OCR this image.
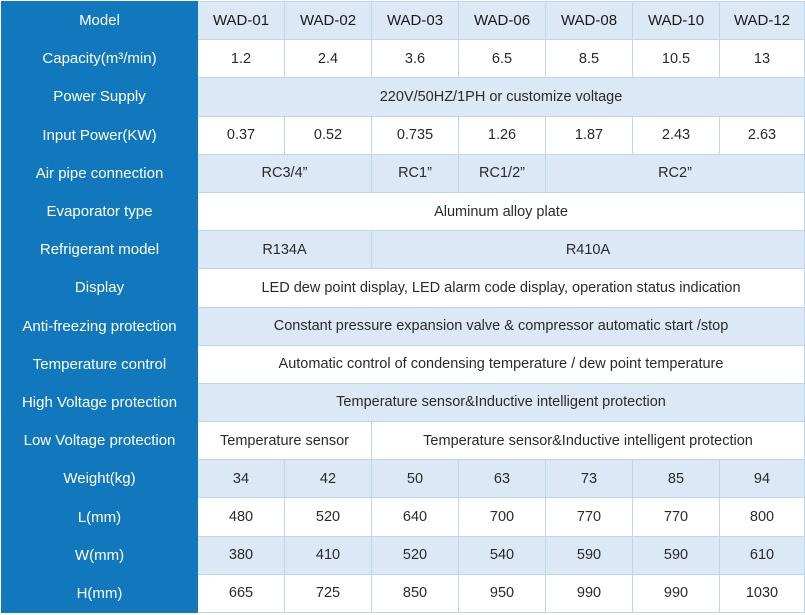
Model	WAD-01	WAD-02	WAD-03	WAD-06	WAD-08	WAD-10	WAD-12
Capacity(m³/min)	1.2	2.4	3.6	6.5	8.5	10.5	13
Power Supply	220V/50HZ/1PH or customize voltage						
Input Power(KW)	0.37	0.52	0.735	1.26	1.87	2.43	2.63
Air pipe connection	RC3/4”		RC1”	RC1/2”	RC2”		
Evaporator type	Aluminum alloy plate						
Refrigerant model	R134A		R410A				
Display	LED dew point display, LED alarm code display, operation status indication						
Anti-freezing protection	Constant pressure expansion valve & compressor automatic start /stop						
Temperature control	Automatic control of condensing temperature / dew point temperature						
High Voltage protection	Temperature sensor&Inductive intelligent protection						
Low Voltage protection	Temperature sensor		Temperature sensor&Inductive intelligent protection				
Weight(kg)	34	42	50	63	73	85	94
L(mm)	480	520	640	700	770	770	800
W(mm)	380	410	520	540	590	590	610
H(mm)	665	725	850	950	990	990	1030
